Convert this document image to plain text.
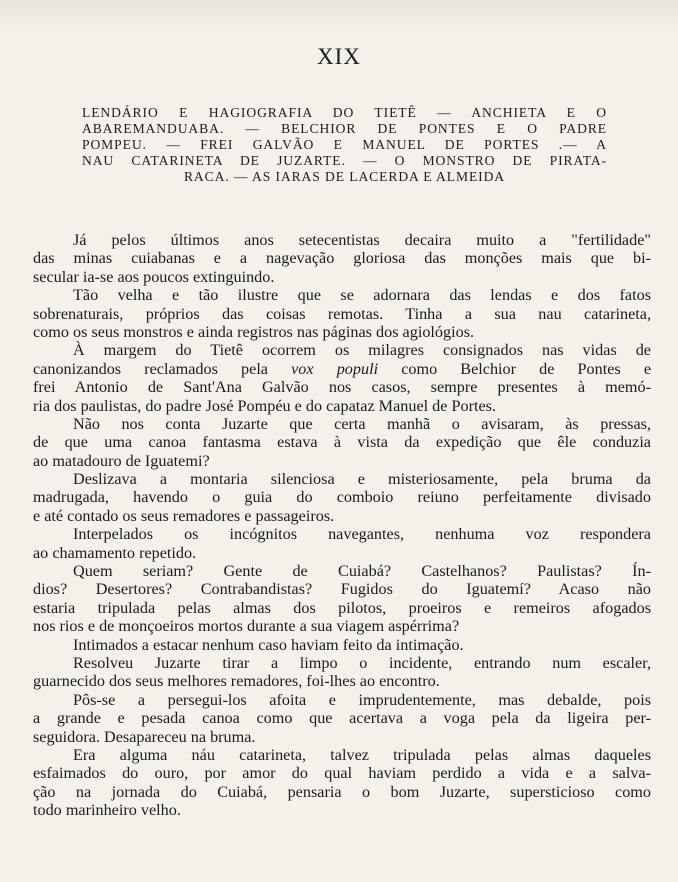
XIX
LENDÁRIO E HAGIOGRAFIA DO TIETÊ — ANCHIETA E O
ABAREMANDUABA. — BELCHIOR DE PONTES E O PADRE
POMPEU. — FREI GALVÃO E MANUEL DE PORTES .— A
NAU CATARINETA DE JUZARTE. — O MONSTRO DE PIRATA-
RACA. — AS IARAS DE LACERDA E ALMEIDA
Já pelos últimos anos setecentistas decaira muito a "fertilidade"
das minas cuiabanas e a nagevação gloriosa das monções mais que bi-
secular ia-se aos poucos extinguindo.
Tão velha e tão ilustre que se adornara das lendas e dos fatos
sobrenaturais, próprios das coisas remotas. Tinha a sua nau catarineta,
como os seus monstros e ainda registros nas páginas dos agiológios.
À margem do Tietê ocorrem os milagres consignados nas vidas de
canonizandos reclamados pela vox populi como Belchior de Pontes e
frei Antonio de Sant'Ana Galvão nos casos, sempre presentes à memó-
ria dos paulistas, do padre José Pompéu e do capataz Manuel de Portes.
Não nos conta Juzarte que certa manhã o avisaram, às pressas,
de que uma canoa fantasma estava à vista da expedição que êle conduzia
ao matadouro de Iguatemi?
Deslizava a montaria silenciosa e misteriosamente, pela bruma da
madrugada, havendo o guia do comboio reiuno perfeitamente divisado
e até contado os seus remadores e passageiros.
Interpelados os incógnitos navegantes, nenhuma voz respondera
ao chamamento repetido.
Quem seriam? Gente de Cuiabá? Castelhanos? Paulistas? Ín-
dios? Desertores? Contrabandistas? Fugidos do Iguatemí? Acaso não
estaria tripulada pelas almas dos pilotos, proeiros e remeiros afogados
nos rios e de monçoeiros mortos durante a sua viagem aspérrima?
Intimados a estacar nenhum caso haviam feito da intimação.
Resolveu Juzarte tirar a limpo o incidente, entrando num escaler,
guarnecido dos seus melhores remadores, foi-lhes ao encontro.
Pôs-se a persegui-los afoita e imprudentemente, mas debalde, pois
a grande e pesada canoa como que acertava a voga pela da ligeira per-
seguidora. Desapareceu na bruma.
Era alguma náu catarineta, talvez tripulada pelas almas daqueles
esfaimados do ouro, por amor do qual haviam perdido a vida e a salva-
ção na jornada do Cuiabá, pensaria o bom Juzarte, supersticioso como
todo marinheiro velho.
